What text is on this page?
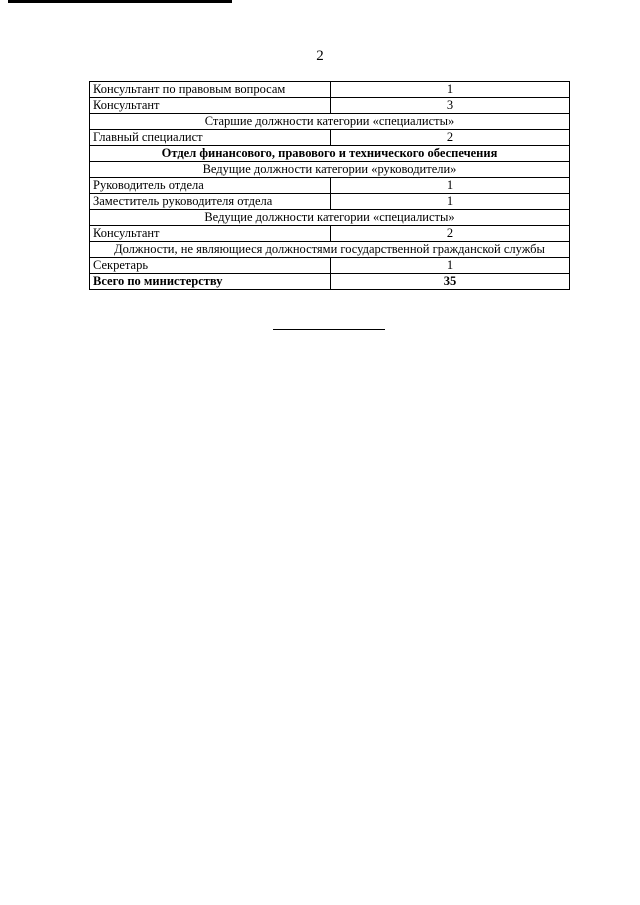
2
Консультант по правовым вопросам	1
Консультант	3
Старшие должности категории «специалисты»	
Главный специалист	2
Отдел финансового, правового и технического обеспечения	
Ведущие должности категории «руководители»	
Руководитель отдела	1
Заместитель руководителя отдела	1
Ведущие должности категории «специалисты»	
Консультант	2
Должности, не являющиеся должностями государственной гражданской службы	
Секретарь	1
Всего по министерству	35
